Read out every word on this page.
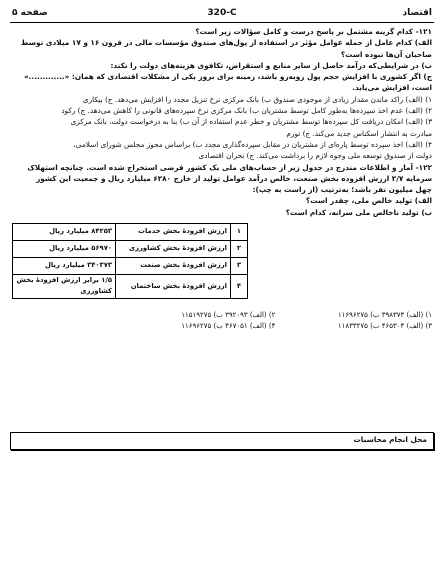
صفحه ۵	320-C	اقتصاد
۱۲۱- کدام گزینه مشتمل بر پاسخ درست و کامل سؤالات زیر است؟
الف) کدام عامل از جمله عوامل مؤثر در استفاده از پول‌های صندوق مؤسسات مالی در قرون ۱۶ و ۱۷ میلادی توسط
صاحبان آن‌ها نبوده است؟
ب) در شرایطی‌که درآمد حاصل از سایر منابع و استقراض، تکافوی هزینه‌های دولت را نکند:
ج) اگر کشوری با افزایش حجم پول روبه‌رو باشد، زمینه برای بروز یکی از مشکلات اقتصادی که همان: «.............»
است، افزایش می‌یابد.
۱) (الف) راکد ماندن مقدار زیادی از موجودی صندوق ب) بانک مرکزی نرخ تنزیل مجدد را افزایش می‌دهد. ج) بیکاری
۲) (الف) عدم اخذ سپرده‌ها به‌طور کامل توسط مشتریان ب) بانک مرکزی نرخ سپرده‌های قانونی را کاهش می‌دهد. ج) رکود
۳) (الف) امکان دریافت کل سپرده‌ها توسط مشتریان و خطر عدم استفاده از آن ب) بنا به درخواست دولت، بانک مرکزی
مبادرت به انتشار اسکناس جدید می‌کند. ج) تورم
۴) (الف) اخذ سپرده توسط پاره‌ای از مشتریان در مقابل سپرده‌گذاری مجدد ب) براساس مجوز مجلس شورای اسلامی،
دولت از صندوق توسعه ملی وجوه لازم را برداشت می‌کند. ج) بحران اقتصادی
۱۲۲- آمار و اطلاعات مندرج در جدول زیر از حساب‌های ملی یک کشور فرضی استخراج شده است. چنانچه استهلاک
سرمایه ۲/۷ ارزش افزوده بخش صنعت، خالص درآمد عوامل تولید از خارج ۶۲۸۰ میلیارد ریال و جمعیت این کشور
چهل میلیون نفر باشد؛ به‌ترتیب (از راست به چپ):
الف) تولید خالص ملی، چقدر است؟
ب) تولید ناخالص ملی سرانه، کدام است؟
۱	ارزش افزودهٔ بخش خدمات	۸۴۲۵۳ میلیارد ریال
۲	ارزش افزودهٔ بخش کشاورزی	۵۶۹۷۰ میلیارد ریال
۳	ارزش افزودهٔ بخش صنعت	۳۴۰۳۷۳ میلیارد ریال
۴	ارزش افزودهٔ بخش ساختمان	۱/۵ برابر ارزش افزودهٔ بخش کشاورزی
۱) (الف) ۳۹۸۳۷۳ ب) ۱۱۶۹۶۲۷۵  ۲) (الف) ۳۹۲۰۹۳ ب) ۱۱۵۱۹۲۷۵
۳) (الف) ۴۶۵۳۰۴ ب) ۱۱۸۳۳۲۷۵  ۴) (الف) ۴۶۷۰۵۱ ب) ۱۱۶۹۶۲۷۵
محل انجام محاسبات
